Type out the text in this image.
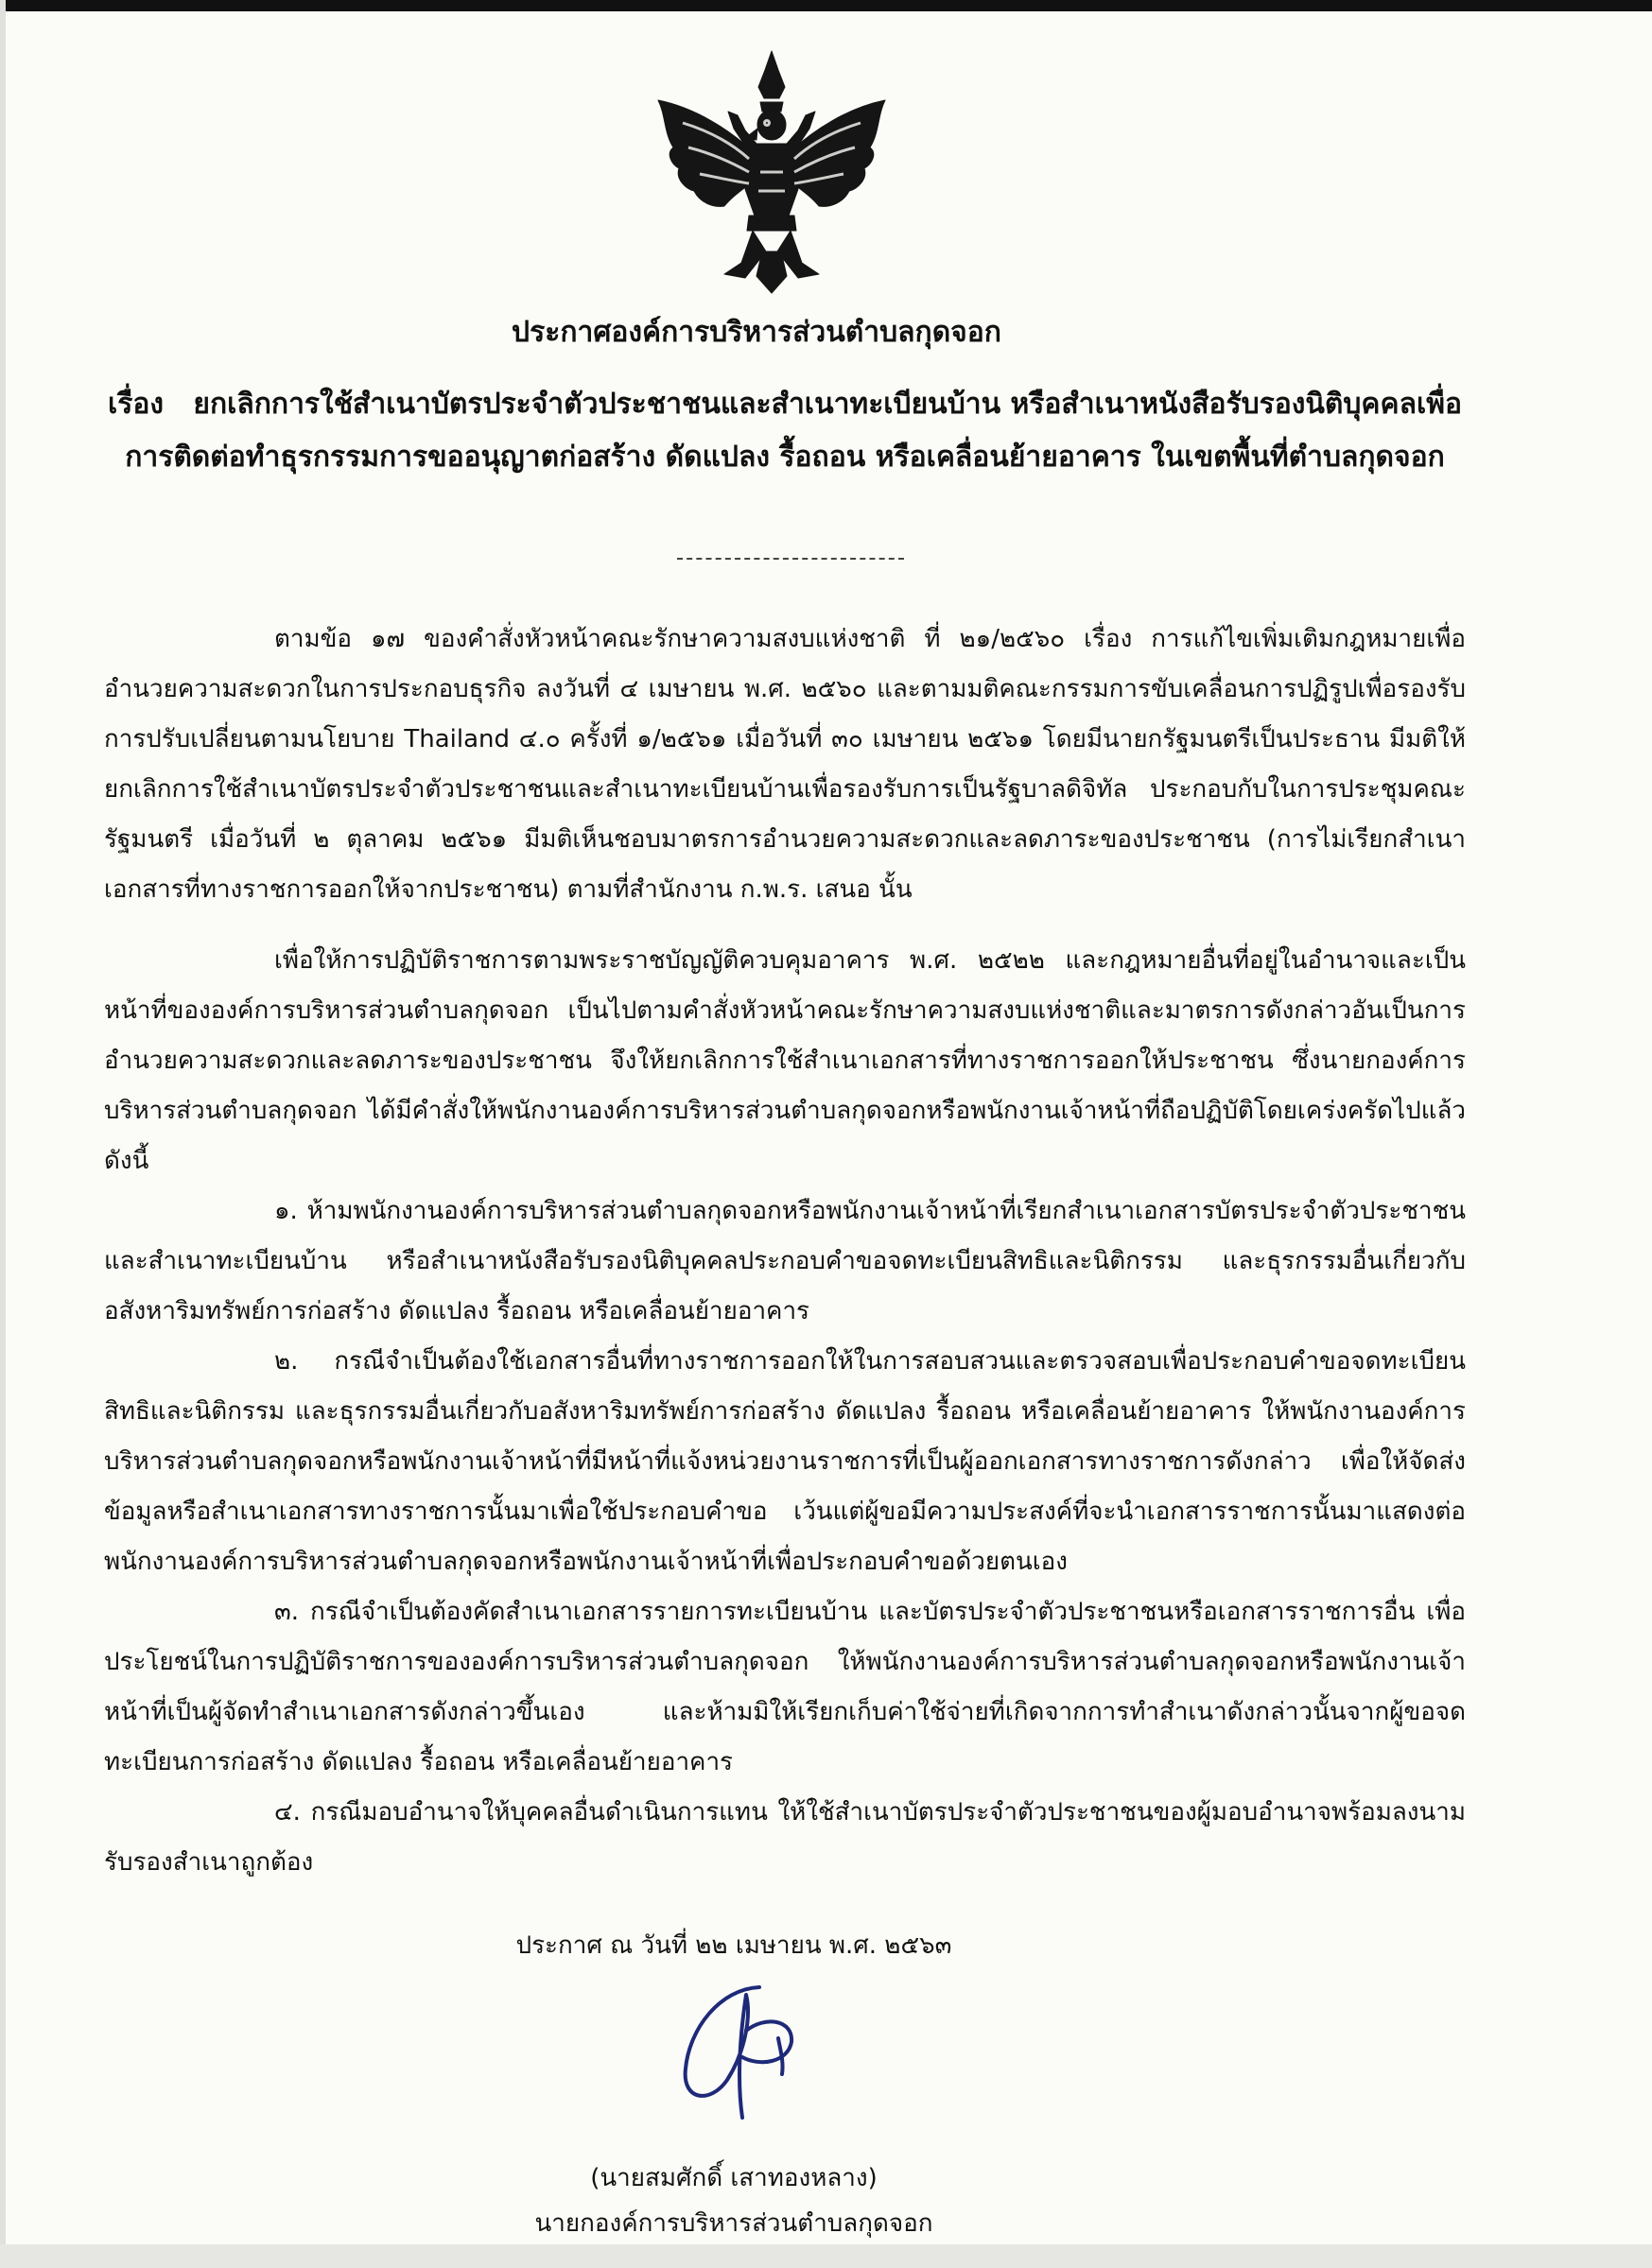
ประกาศองค์การบริหารส่วนตำบลกุดจอก
เรื่อง ยกเลิกการใช้สำเนาบัตรประจำตัวประชาชนและสำเนาทะเบียนบ้าน หรือสำเนาหนังสือรับรองนิติบุคคลเพื่อการติดต่อทำธุรกรรมการขออนุญาตก่อสร้าง ดัดแปลง รื้อถอน หรือเคลื่อนย้ายอาคาร ในเขตพื้นที่ตำบลกุดจอก

ตามข้อ ๑๗ ของคำสั่งหัวหน้าคณะรักษาความสงบแห่งชาติ ที่ ๒๑/๒๕๖๐ เรื่อง การแก้ไขเพิ่มเติมกฎหมายเพื่ออำนวยความสะดวกในการประกอบธุรกิจ ลงวันที่ ๔ เมษายน พ.ศ. ๒๕๖๐ และตามมติคณะกรรมการขับเคลื่อนการปฏิรูปเพื่อรองรับการปรับเปลี่ยนตามนโยบาย Thailand ๔.๐ ครั้งที่ ๑/๒๕๖๑ เมื่อวันที่ ๓๐ เมษายน ๒๕๖๑ โดยมีนายกรัฐมนตรีเป็นประธาน มีมติให้ยกเลิกการใช้สำเนาบัตรประจำตัวประชาชนและสำเนาทะเบียนบ้านเพื่อรองรับการเป็นรัฐบาลดิจิทัล ประกอบกับในการประชุมคณะรัฐมนตรี เมื่อวันที่ ๒ ตุลาคม ๒๕๖๑ มีมติเห็นชอบมาตรการอำนวยความสะดวกและลดภาระของประชาชน (การไม่เรียกสำเนาเอกสารที่ทางราชการออกให้จากประชาชน) ตามที่สำนักงาน ก.พ.ร. เสนอ นั้น

เพื่อให้การปฏิบัติราชการตามพระราชบัญญัติควบคุมอาคาร พ.ศ. ๒๕๒๒ และกฎหมายอื่นที่อยู่ในอำนาจและเป็นหน้าที่ขององค์การบริหารส่วนตำบลกุดจอก เป็นไปตามคำสั่งหัวหน้าคณะรักษาความสงบแห่งชาติและมาตรการดังกล่าวอันเป็นการอำนวยความสะดวกและลดภาระของประชาชน จึงให้ยกเลิกการใช้สำเนาเอกสารที่ทางราชการออกให้ประชาชน ซึ่งนายกองค์การบริหารส่วนตำบลกุดจอก ได้มีคำสั่งให้พนักงานองค์การบริหารส่วนตำบลกุดจอกหรือพนักงานเจ้าหน้าที่ถือปฏิบัติโดยเคร่งครัดไปแล้ว ดังนี้

๑. ห้ามพนักงานองค์การบริหารส่วนตำบลกุดจอกหรือพนักงานเจ้าหน้าที่เรียกสำเนาเอกสารบัตรประจำตัวประชาชนและสำเนาทะเบียนบ้าน หรือสำเนาหนังสือรับรองนิติบุคคลประกอบคำขอจดทะเบียนสิทธิและนิติกรรม และธุรกรรมอื่นเกี่ยวกับอสังหาริมทรัพย์การก่อสร้าง ดัดแปลง รื้อถอน หรือเคลื่อนย้ายอาคาร

๒. กรณีจำเป็นต้องใช้เอกสารอื่นที่ทางราชการออกให้ในการสอบสวนและตรวจสอบเพื่อประกอบคำขอจดทะเบียนสิทธิและนิติกรรม และธุรกรรมอื่นเกี่ยวกับอสังหาริมทรัพย์การก่อสร้าง ดัดแปลง รื้อถอน หรือเคลื่อนย้ายอาคาร ให้พนักงานองค์การบริหารส่วนตำบลกุดจอกหรือพนักงานเจ้าหน้าที่มีหน้าที่แจ้งหน่วยงานราชการที่เป็นผู้ออกเอกสารทางราชการดังกล่าว เพื่อให้จัดส่งข้อมูลหรือสำเนาเอกสารทางราชการนั้นมาเพื่อใช้ประกอบคำขอ เว้นแต่ผู้ขอมีความประสงค์ที่จะนำเอกสารราชการนั้นมาแสดงต่อพนักงานองค์การบริหารส่วนตำบลกุดจอกหรือพนักงานเจ้าหน้าที่เพื่อประกอบคำขอด้วยตนเอง

๓. กรณีจำเป็นต้องคัดสำเนาเอกสารรายการทะเบียนบ้าน และบัตรประจำตัวประชาชนหรือเอกสารราชการอื่น เพื่อประโยชน์ในการปฏิบัติราชการขององค์การบริหารส่วนตำบลกุดจอก ให้พนักงานองค์การบริหารส่วนตำบลกุดจอกหรือพนักงานเจ้าหน้าที่เป็นผู้จัดทำสำเนาเอกสารดังกล่าวขึ้นเอง และห้ามมิให้เรียกเก็บค่าใช้จ่ายที่เกิดจากการทำสำเนาดังกล่าวนั้นจากผู้ขอจดทะเบียนการก่อสร้าง ดัดแปลง รื้อถอน หรือเคลื่อนย้ายอาคาร

๔. กรณีมอบอำนาจให้บุคคลอื่นดำเนินการแทน ให้ใช้สำเนาบัตรประจำตัวประชาชนของผู้มอบอำนาจพร้อมลงนามรับรองสำเนาถูกต้อง

ประกาศ ณ วันที่ ๒๒ เมษายน พ.ศ. ๒๕๖๓

(นายสมศักดิ์ เสาทองหลาง)

นายกองค์การบริหารส่วนตำบลกุดจอก
